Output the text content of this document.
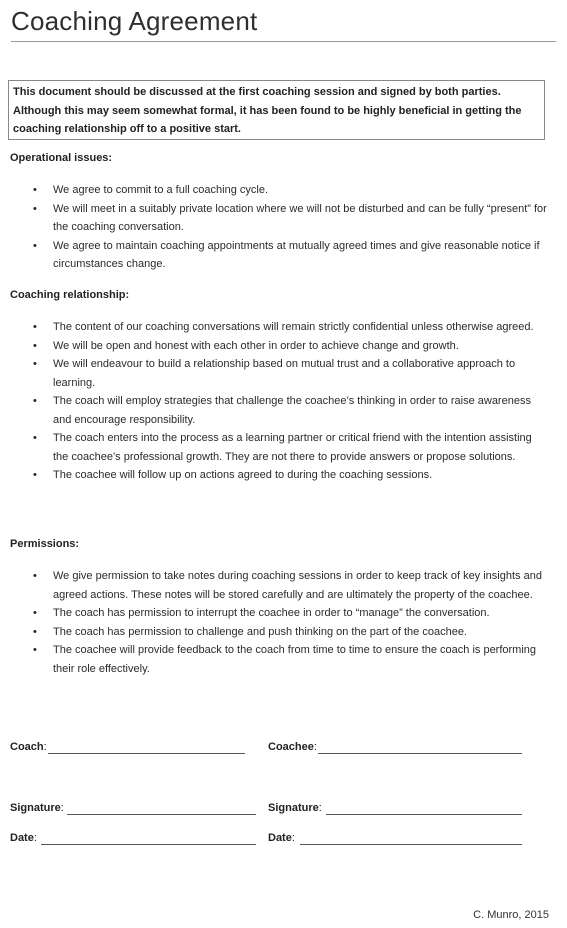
Coaching Agreement
This document should be discussed at the first coaching session and signed by both parties. Although this may seem somewhat formal, it has been found to be highly beneficial in getting the coaching relationship off to a positive start.
Operational issues:
• We agree to commit to a full coaching cycle.
• We will meet in a suitably private location where we will not be disturbed and can be fully “present” for the coaching conversation.
• We agree to maintain coaching appointments at mutually agreed times and give reasonable notice if circumstances change.
Coaching relationship:
• The content of our coaching conversations will remain strictly confidential unless otherwise agreed.
• We will be open and honest with each other in order to achieve change and growth.
• We will endeavour to build a relationship based on mutual trust and a collaborative approach to learning.
• The coach will employ strategies that challenge the coachee’s thinking in order to raise awareness and encourage responsibility.
• The coach enters into the process as a learning partner or critical friend with the intention assisting the coachee’s professional growth. They are not there to provide answers or propose solutions.
• The coachee will follow up on actions agreed to during the coaching sessions.
Permissions:
• We give permission to take notes during coaching sessions in order to keep track of key insights and agreed actions. These notes will be stored carefully and are ultimately the property of the coachee.
• The coach has permission to interrupt the coachee in order to “manage” the conversation.
• The coach has permission to challenge and push thinking on the part of the coachee.
• The coachee will provide feedback to the coach from time to time to ensure the coach is performing their role effectively.
Coach:	Coachee:
Signature:	Signature:
Date:	Date:
C. Munro, 2015
